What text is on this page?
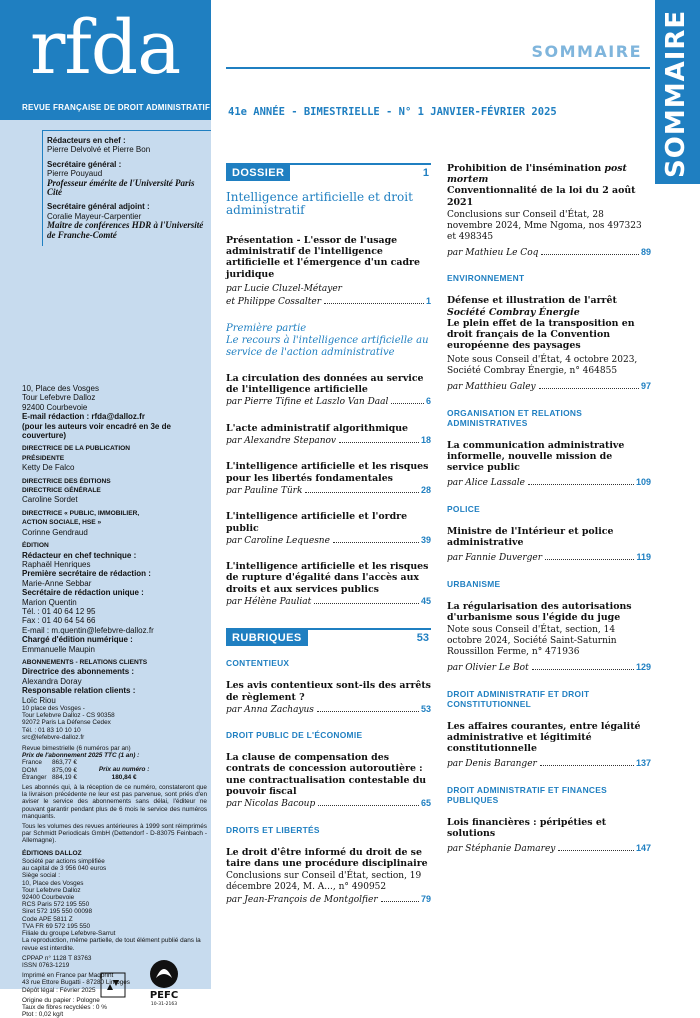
rfda
REVUE FRANÇAISE DE DROIT ADMINISTRATIF
SOMMAIRE
41e ANNÉE - BIMESTRIELLE - N° 1 JANVIER-FÉVRIER 2025	SOMMAIRE
Rédacteurs en chef :
Pierre Delvolvé et Pierre Bon
Secrétaire général :
Pierre Pouyaud
Professeur émérite de l'Université Paris Cité
Secrétaire général adjoint :
Coralie Mayeur-Carpentier
Maître de conférences HDR à l'Université de Franche-Comté
10, Place des Vosges
Tour Lefebvre Dalloz
92400 Courbevoie
E-mail rédaction : rfda@dalloz.fr
(pour les auteurs voir encadré en 3e de couverture)
DIRECTRICE DE LA PUBLICATION
PRÉSIDENTE
Ketty De Falco
DIRECTRICE DES ÉDITIONS
DIRECTRICE GÉNÉRALE
Caroline Sordet
DIRECTRICE « PUBLIC, IMMOBILIER,
ACTION SOCIALE, HSE »
Corinne Gendraud
ÉDITION
Rédacteur en chef technique :
Raphaël Henriques
Première secrétaire de rédaction :
Marie-Anne Sebbar
Secrétaire de rédaction unique :
Marion Quentin
Tél. : 01 40 64 12 95
Fax : 01 40 64 54 66
E-mail : m.quentin@lefebvre-dalloz.fr
Chargé d'édition numérique :
Emmanuelle Maupin
ABONNEMENTS - RELATIONS CLIENTS
Directrice des abonnements :
Alexandra Doray
Responsable relation clients :
Loïc Riou
10 place des Vosges -
Tour Lefebvre Dalloz - CS 90358
92072 Paris La Défense Cedex
Tél. : 01 83 10 10 10
src@lefebvre-dalloz.fr
Revue bimestrielle (6 numéros par an)
Prix de l'abonnement 2025 TTC (1 an) :
France	863,77 €
DOM	875,09 €
Étranger 884,19 €
Prix au numéro :
180,84 €
Les abonnés qui, à la réception de ce numéro, constateront que la livraison précédente ne leur est pas parvenue, sont priés d'en aviser le service des abonnements sans délai, l'éditeur ne pouvant garantir pendant plus de 6 mois le service des numéros manquants.
Tous les volumes des revues antérieures à 1999 sont réimprimés par Schmidt Periodicals GmbH (Dettendorf - D-83075 Feinbach - Allemagne).
ÉDITIONS DALLOZ
Société par actions simplifiée
au capital de 3 956 040 euros
Siège social :
10, Place des Vosges
Tour Lefebvre Dalloz
92400 Courbevoie
RCS Paris 572 195 550
Siret 572 195 550 00098
Code APE 5811 Z
TVA FR 69 572 195 550
Filiale du groupe Lefebvre-Sarrut
La reproduction, même partielle, de tout élément publié dans la revue est interdite.
CPPAP n° 1128 T 83763
ISSN 0763-1219
Imprimé en France par Maqprint
43 rue Ettore Bugatti - 87280 Limoges
Dépôt légal : Février 2025
Origine du papier : Pologne
Taux de fibres recyclées : 0 %
Ptot : 0,02 kg/t
PEFC
10-31-2163
DOSSIER	1
Intelligence artificielle et droit administratif
Présentation - L'essor de l'usage administratif de l'intelligence artificielle et l'émergence d'un cadre juridique
par Lucie Cluzel-Métayer
et Philippe Cossalter	1
Première partie
Le recours à l'intelligence artificielle au service de l'action administrative
La circulation des données au service de l'intelligence artificielle
par Pierre Tifine et Laszlo Van Daal	6
L'acte administratif algorithmique
par Alexandre Stepanov	18
L'intelligence artificielle et les risques pour les libertés fondamentales
par Pauline Türk	28
L'intelligence artificielle et l'ordre public
par Caroline Lequesne	39
L'intelligence artificielle et les risques de rupture d'égalité dans l'accès aux droits et aux services publics
par Hélène Pauliat	45
RUBRIQUES	53
CONTENTIEUX
Les avis contentieux sont-ils des arrêts de règlement ?
par Anna Zachayus	53
DROIT PUBLIC DE L'ÉCONOMIE
La clause de compensation des contrats de concession autoroutière : une contractualisation contestable du pouvoir fiscal
par Nicolas Bacoup	65
DROITS ET LIBERTÉS
Le droit d'être informé du droit de se taire dans une procédure disciplinaire
Conclusions sur Conseil d'État, section, 19 décembre 2024, M. A..., n° 490952
par Jean-François de Montgolfier	79
Prohibition de l'insémination post mortem
Conventionnalité de la loi du 2 août 2021
Conclusions sur Conseil d'État, 28 novembre 2024, Mme Ngoma, nos 497323 et 498345
par Mathieu Le Coq	89
ENVIRONNEMENT
Défense et illustration de l'arrêt Société Combray Énergie
Le plein effet de la transposition en droit français de la Convention européenne des paysages
Note sous Conseil d'État, 4 octobre 2023, Société Combray Énergie, n° 464855
par Matthieu Galey	97
ORGANISATION ET RELATIONS ADMINISTRATIVES
La communication administrative informelle, nouvelle mission de service public
par Alice Lassale	109
POLICE
Ministre de l'Intérieur et police administrative
par Fannie Duverger	119
URBANISME
La régularisation des autorisations d'urbanisme sous l'égide du juge
Note sous Conseil d'État, section, 14 octobre 2024, Société Saint-Saturnin Roussillon Ferme, n° 471936
par Olivier Le Bot	129
DROIT ADMINISTRATIF ET DROIT CONSTITUTIONNEL
Les affaires courantes, entre légalité administrative et légitimité constitutionnelle
par Denis Baranger	137
DROIT ADMINISTRATIF ET FINANCES PUBLIQUES
Lois financières : péripéties et solutions
par Stéphanie Damarey	147
